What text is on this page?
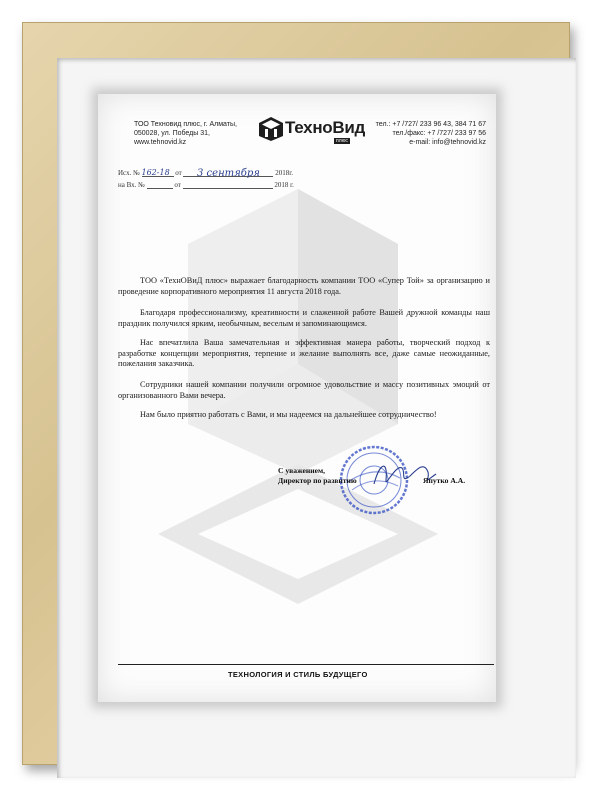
ТОО Техновид плюс, г. Алматы,
050028, ул. Победы 31,
www.tehnovid.kz
ТехноВид
плюс
тел.: +7 /727/ 233 96 43, 384 71 67
тел./факс: +7 /727/ 233 97 56
e-mail: info@tehnovid.kz
Исх. № 162-18 от 3 сентября 2018г.
на Вх. №	от	2018 г.
ТОО «ТехнОВиД плюс» выражает благодарность компании ТОО «Супер Той» за организацию и проведение корпоративного мероприятия 11 августа 2018 года.
Благодаря профессионализму, креативности и слаженной работе Вашей дружной команды наш праздник получился ярким, необычным, веселым и запоминающимся.
Нас впечатлила Ваша замечательная и эффективная манера работы, творческий подход к разработке концепции мероприятия, терпение и желание выполнять все, даже самые неожиданные, пожелания заказчика.
Сотрудники нашей компании получили огромное удовольствие и массу позитивных эмоций от организованного Вами вечера.
Нам было приятно работать с Вами, и мы надеемся на дальнейшее сотрудничество!
С уважением,
Директор по развитию	Япутко А.А.
ТЕХНОЛОГИЯ И СТИЛЬ БУДУЩЕГО
